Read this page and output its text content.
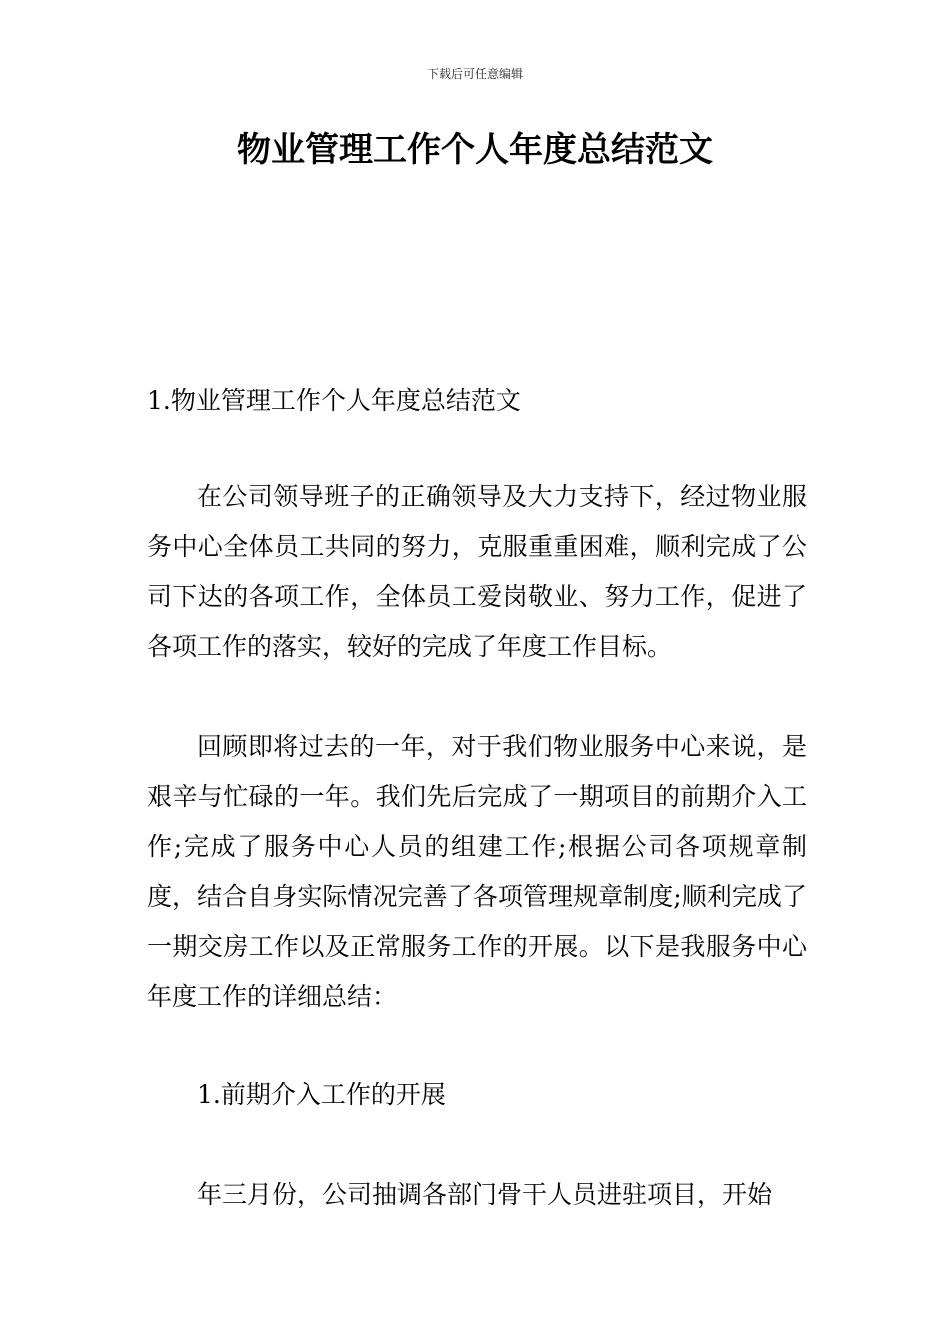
下载后可任意编辑
物业管理工作个人年度总结范文
1.物业管理工作个人年度总结范文

在公司领导班子的正确领导及大力支持下，经过物业服务中心全体员工共同的努力，克服重重困难，顺利完成了公司下达的各项工作，全体员工爱岗敬业、努力工作，促进了各项工作的落实，较好的完成了年度工作目标。

回顾即将过去的一年，对于我们物业服务中心来说，是艰辛与忙碌的一年。我们先后完成了一期项目的前期介入工作;完成了服务中心人员的组建工作;根据公司各项规章制度，结合自身实际情况完善了各项管理规章制度;顺利完成了一期交房工作以及正常服务工作的开展。以下是我服务中心年度工作的详细总结：

1.前期介入工作的开展

年三月份，公司抽调各部门骨干人员进驻项目，开始
